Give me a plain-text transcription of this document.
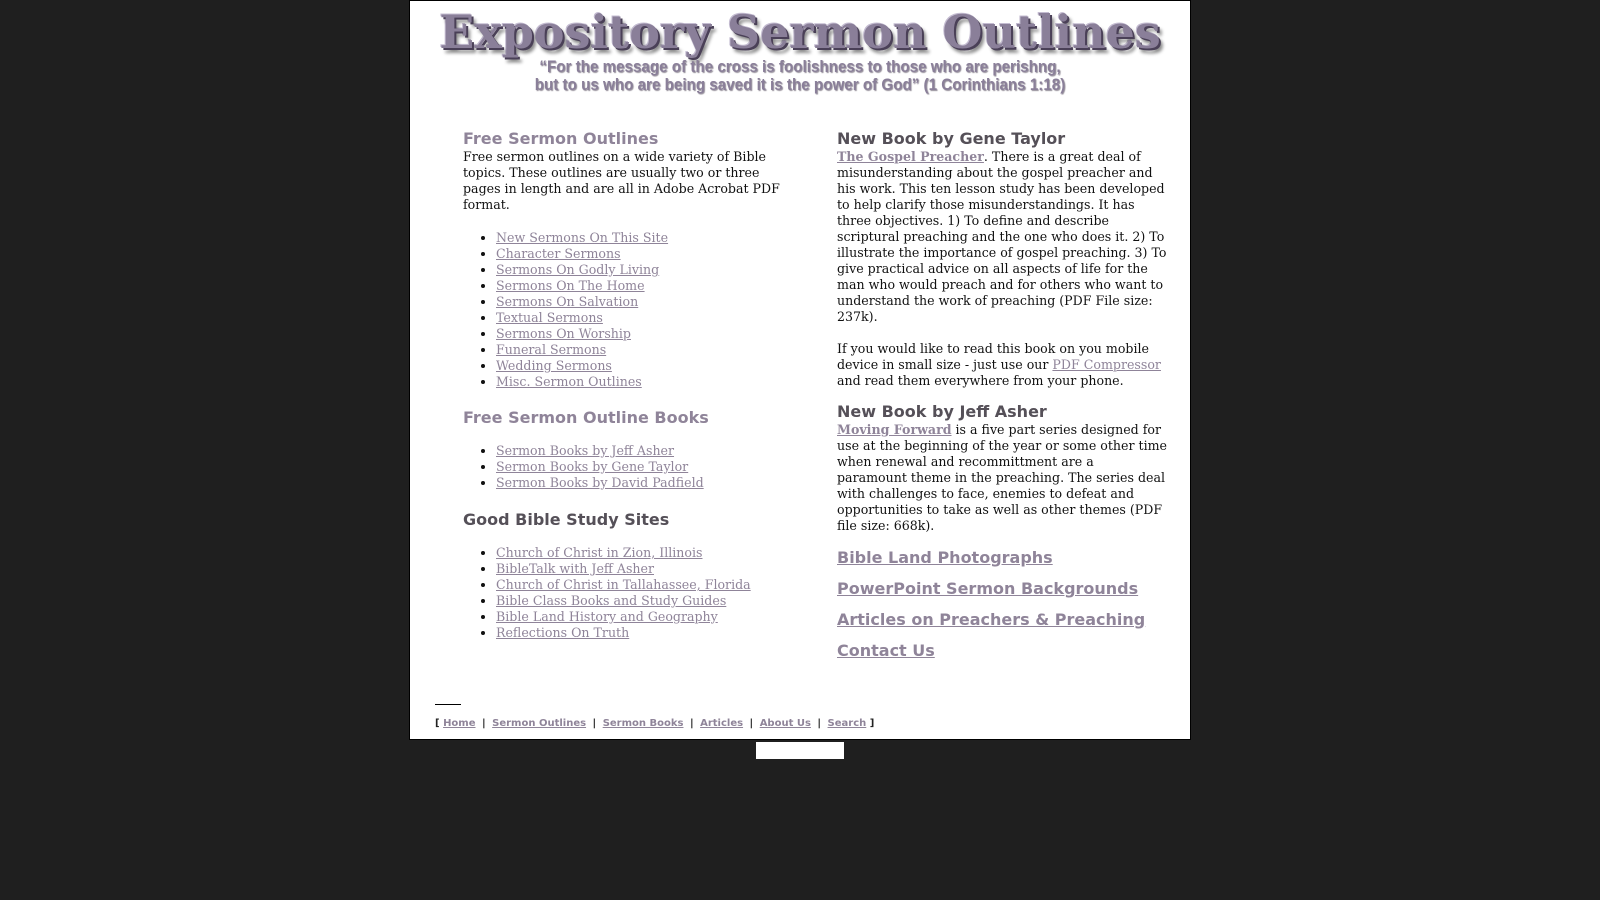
Expository Sermon Outlines
“For the message of the cross is foolishness to those who are perishng,
but to us who are being saved it is the power of God” (1 Corinthians 1:18)
Free Sermon Outlines

Free sermon outlines on a wide variety of Bible topics. These outlines are usually two or three pages in length and are all in Adobe Acrobat PDF format.

• New Sermons On This Site
• Character Sermons
• Sermons On Godly Living
• Sermons On The Home
• Sermons On Salvation
• Textual Sermons
• Sermons On Worship
• Funeral Sermons
• Wedding Sermons
• Misc. Sermon Outlines
Free Sermon Outline Books
• Sermon Books by Jeff Asher
• Sermon Books by Gene Taylor
• Sermon Books by David Padfield
Good Bible Study Sites
• Church of Christ in Zion, Illinois
• BibleTalk with Jeff Asher
• Church of Christ in Tallahassee, Florida
• Bible Class Books and Study Guides
• Bible Land History and Geography
• Reflections On Truth
New Book by Gene Taylor

The Gospel Preacher. There is a great deal of misunderstanding about the gospel preacher and his work. This ten lesson study has been developed to help clarify those misunderstandings. It has three objectives. 1) To define and describe scriptural preaching and the one who does it. 2) To illustrate the importance of gospel preaching. 3) To give practical advice on all aspects of life for the man who would preach and for others who want to understand the work of preaching (PDF File size: 237k).

If you would like to read this book on you mobile device in small size - just use our PDF Compressor and read them everywhere from your phone.

New Book by Jeff Asher

Moving Forward is a five part series designed for use at the beginning of the year or some other time when renewal and recommittment are a paramount theme in the preaching. The series deal with challenges to face, enemies to defeat and opportunities to take as well as other themes (PDF file size: 668k).

Bible Land Photographs
PowerPoint Sermon Backgrounds
Articles on Preachers & Preaching
Contact Us
[ Home | Sermon Outlines | Sermon Books | Articles | About Us | Search ]
